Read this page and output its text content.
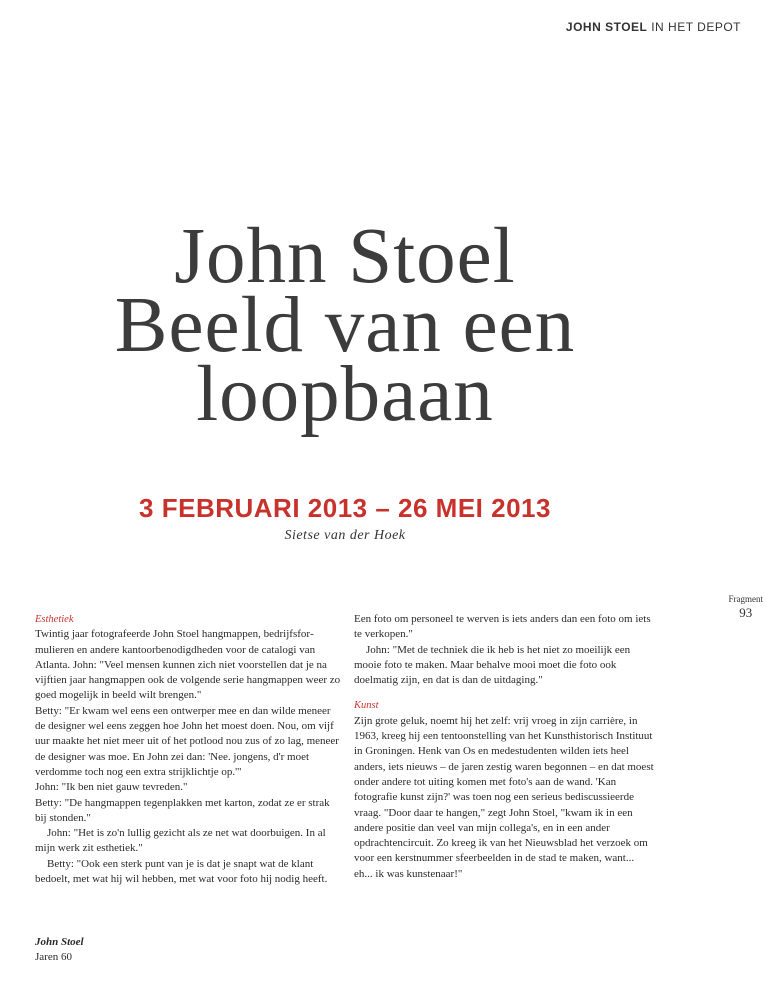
JOHN STOEL IN HET DEPOT
John Stoel
Beeld van een
loopbaan
3 FEBRUARI 2013 – 26 MEI 2013
Sietse van der Hoek
Fragment
93

Esthetiek

Twintig jaar fotografeerde John Stoel hangmappen, bedrijfsformulieren en andere kantoorbenodigdheden voor de catalogi van Atlanta. John: "Veel mensen kunnen zich niet voorstellen dat je na vijftien jaar hangmappen ook de volgende serie hangmappen weer zo goed mogelijk in beeld wilt brengen."

Betty: "Er kwam wel eens een ontwerper mee en dan wilde meneer de designer wel eens zeggen hoe John het moest doen. Nou, om vijf uur maakte het niet meer uit of het potlood nou zus of zo lag, meneer de designer was moe. En John zei dan: 'Nee. jongens, d'r moet verdomme toch nog een extra strijklichtje op.'"

John: "Ik ben niet gauw tevreden."

Betty: "De hangmappen tegenplakken met karton, zodat ze er strak bij stonden."

John: "Het is zo'n lullig gezicht als ze net wat doorbuigen. In al mijn werk zit esthetiek."

Betty: "Ook een sterk punt van je is dat je snapt wat de klant bedoelt, met wat hij wil hebben, met wat voor foto hij nodig heeft.

Een foto om personeel te werven is iets anders dan een foto om iets te verkopen."

John: "Met de techniek die ik heb is het niet zo moeilijk een mooie foto te maken. Maar behalve mooi moet die foto ook doelmatig zijn, en dat is dan de uitdaging."

Kunst

Zijn grote geluk, noemt hij het zelf: vrij vroeg in zijn carrière, in 1963, kreeg hij een tentoonstelling van het Kunsthistorisch Instituut in Groningen. Henk van Os en medestudenten wilden iets heel anders, iets nieuws – de jaren zestig waren begonnen – en dat moest onder andere tot uiting komen met foto's aan de wand. 'Kan fotografie kunst zijn?' was toen nog een serieus bediscussieerde vraag. "Door daar te hangen," zegt John Stoel, "kwam ik in een andere positie dan veel van mijn collega's, en in een ander opdrachtencircuit. Zo kreeg ik van het Nieuwsblad het verzoek om voor een kerstnummer sfeerbeelden in de stad te maken, want... eh... ik was kunstenaar!"

John Stoel
Jaren 60
